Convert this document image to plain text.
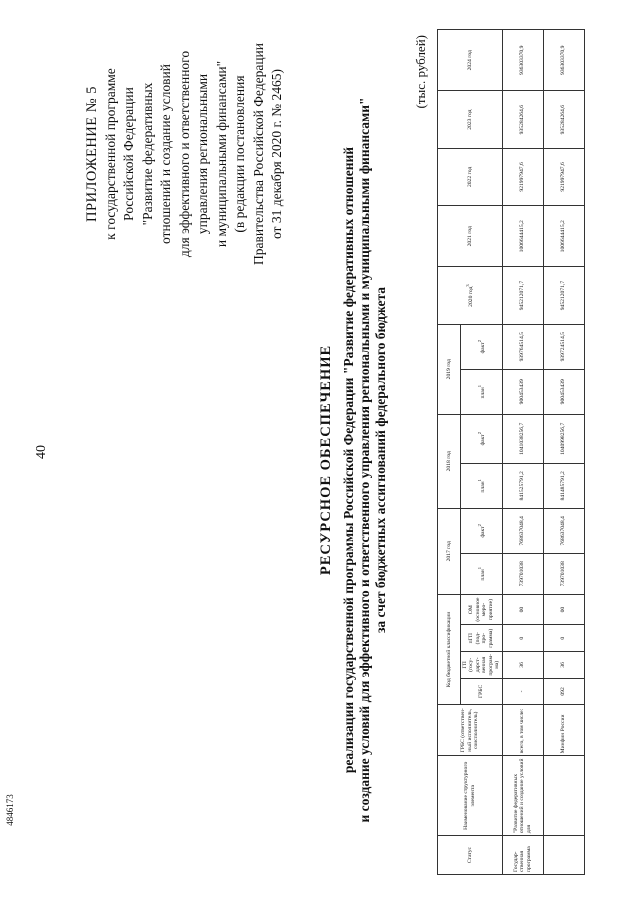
40
4846173
ПРИЛОЖЕНИЕ № 5 к государственной программе Российской Федерации "Развитие федеративных отношений и создание условий для эффективного и ответственного управления региональными и муниципальными финансами" (в редакции постановления Правительства Российской Федерации от 31 декабря 2020 г. № 2465)
РЕСУРСНОЕ ОБЕСПЕЧЕНИЕ реализации государственной программы Российской Федерации "Развитие федеративных отношений и создание условий для эффективного и ответственного управления региональными и муниципальными финансами" за счет бюджетных ассигнований федерального бюджета
(тыс. рублей)
Статус	Наименование структурного элемента	ГРБС (ответствен-ный исполнитель, соисполнитель)	Код бюджетной классификации				2017 год		2018 год		2019 год		2020 год$^3$	2021 год	2022 год	2023 год	2024 год
			ГРБС	ГП (госу-дарст-венная програм-ма)	пГП (под-про-грамма)	ОМ (основное меро-приятие)	план$^1$	факт$^2$	план$^1$	факт$^2$	план$^1$	факт$^2$

Государ-ственная программа	"Развитие федеративных отношений и создание условий для	всего, в том числе:	-	36	0	00	739701038	768637048,4	841525791,2	1041038256,7	900453439	939764514,5	945212071,7	1006644415,2	921997947,6	935284264,6	936303370,9
		Минфин России	092	36	0	00	739701038	768637048,4	841485791,2	1040998256,7	900453439	939724514,5	945212071,7	1006644415,2	921997947,6	935284264,6	936303370,9
